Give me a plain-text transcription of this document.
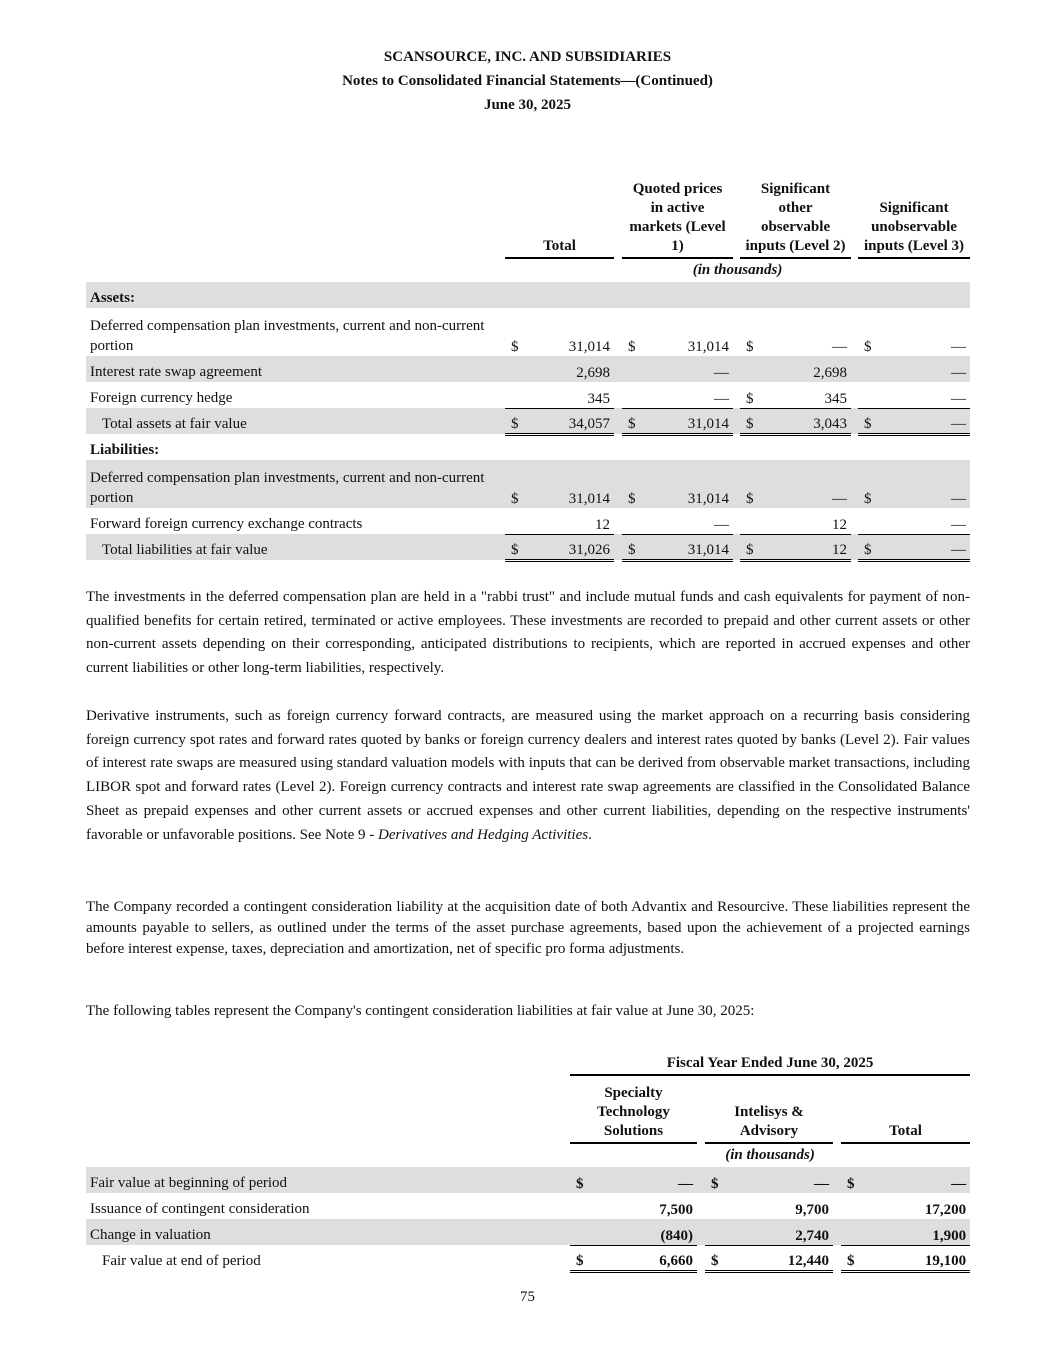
SCANSOURCE, INC. AND SUBSIDIARIES
Notes to Consolidated Financial Statements—(Continued)
June 30, 2025
	Total			Quoted prices in active markets (Level 1)			Significant other observable inputs (Level 2)			Significant unobservable inputs (Level 3)	
	(in thousands)										
Assets:											
Deferred compensation plan investments, current and non-current portion	$	31,014		$	31,014		$	—		$	—
Interest rate swap agreement		2,698			—			2,698			—
Foreign currency hedge		345			—		$	345			—
Total assets at fair value	$	34,057		$	31,014		$	3,043		$	—
Liabilities:											
Deferred compensation plan investments, current and non-current portion	$	31,014		$	31,014		$	—		$	—
Forward foreign currency exchange contracts		12			—			12			—
Total liabilities at fair value	$	31,026		$	31,014		$	12		$	—

The investments in the deferred compensation plan are held in a "rabbi trust" and include mutual funds and cash equivalents for payment of non-qualified benefits for certain retired, terminated or active employees. These investments are recorded to prepaid and other current assets or other non-current assets depending on their corresponding, anticipated distributions to recipients, which are reported in accrued expenses and other current liabilities or other long-term liabilities, respectively.

Derivative instruments, such as foreign currency forward contracts, are measured using the market approach on a recurring basis considering foreign currency spot rates and forward rates quoted by banks or foreign currency dealers and interest rates quoted by banks (Level 2). Fair values of interest rate swaps are measured using standard valuation models with inputs that can be derived from observable market transactions, including LIBOR spot and forward rates (Level 2). Foreign currency contracts and interest rate swap agreements are classified in the Consolidated Balance Sheet as prepaid expenses and other current assets or accrued expenses and other current liabilities, depending on the respective instruments' favorable or unfavorable positions. See Note 9 - Derivatives and Hedging Activities.

The Company recorded a contingent consideration liability at the acquisition date of both Advantix and Resourcive. These liabilities represent the amounts payable to sellers, as outlined under the terms of the asset purchase agreements, based upon the achievement of a projected earnings before interest expense, taxes, depreciation and amortization, net of specific pro forma adjustments.

The following tables represent the Company's contingent consideration liabilities at fair value at June 30, 2025:

	Fiscal Year Ended June 30, 2025							
	Specialty Technology Solutions			Intelisys & Advisory			Total	
	(in thousands)							
Fair value at beginning of period	$	—		$	—		$	—
Issuance of contingent consideration		7,500			9,700			17,200
Change in valuation		(840)			2,740			1,900
Fair value at end of period	$	6,660		$	12,440		$	19,100
75
